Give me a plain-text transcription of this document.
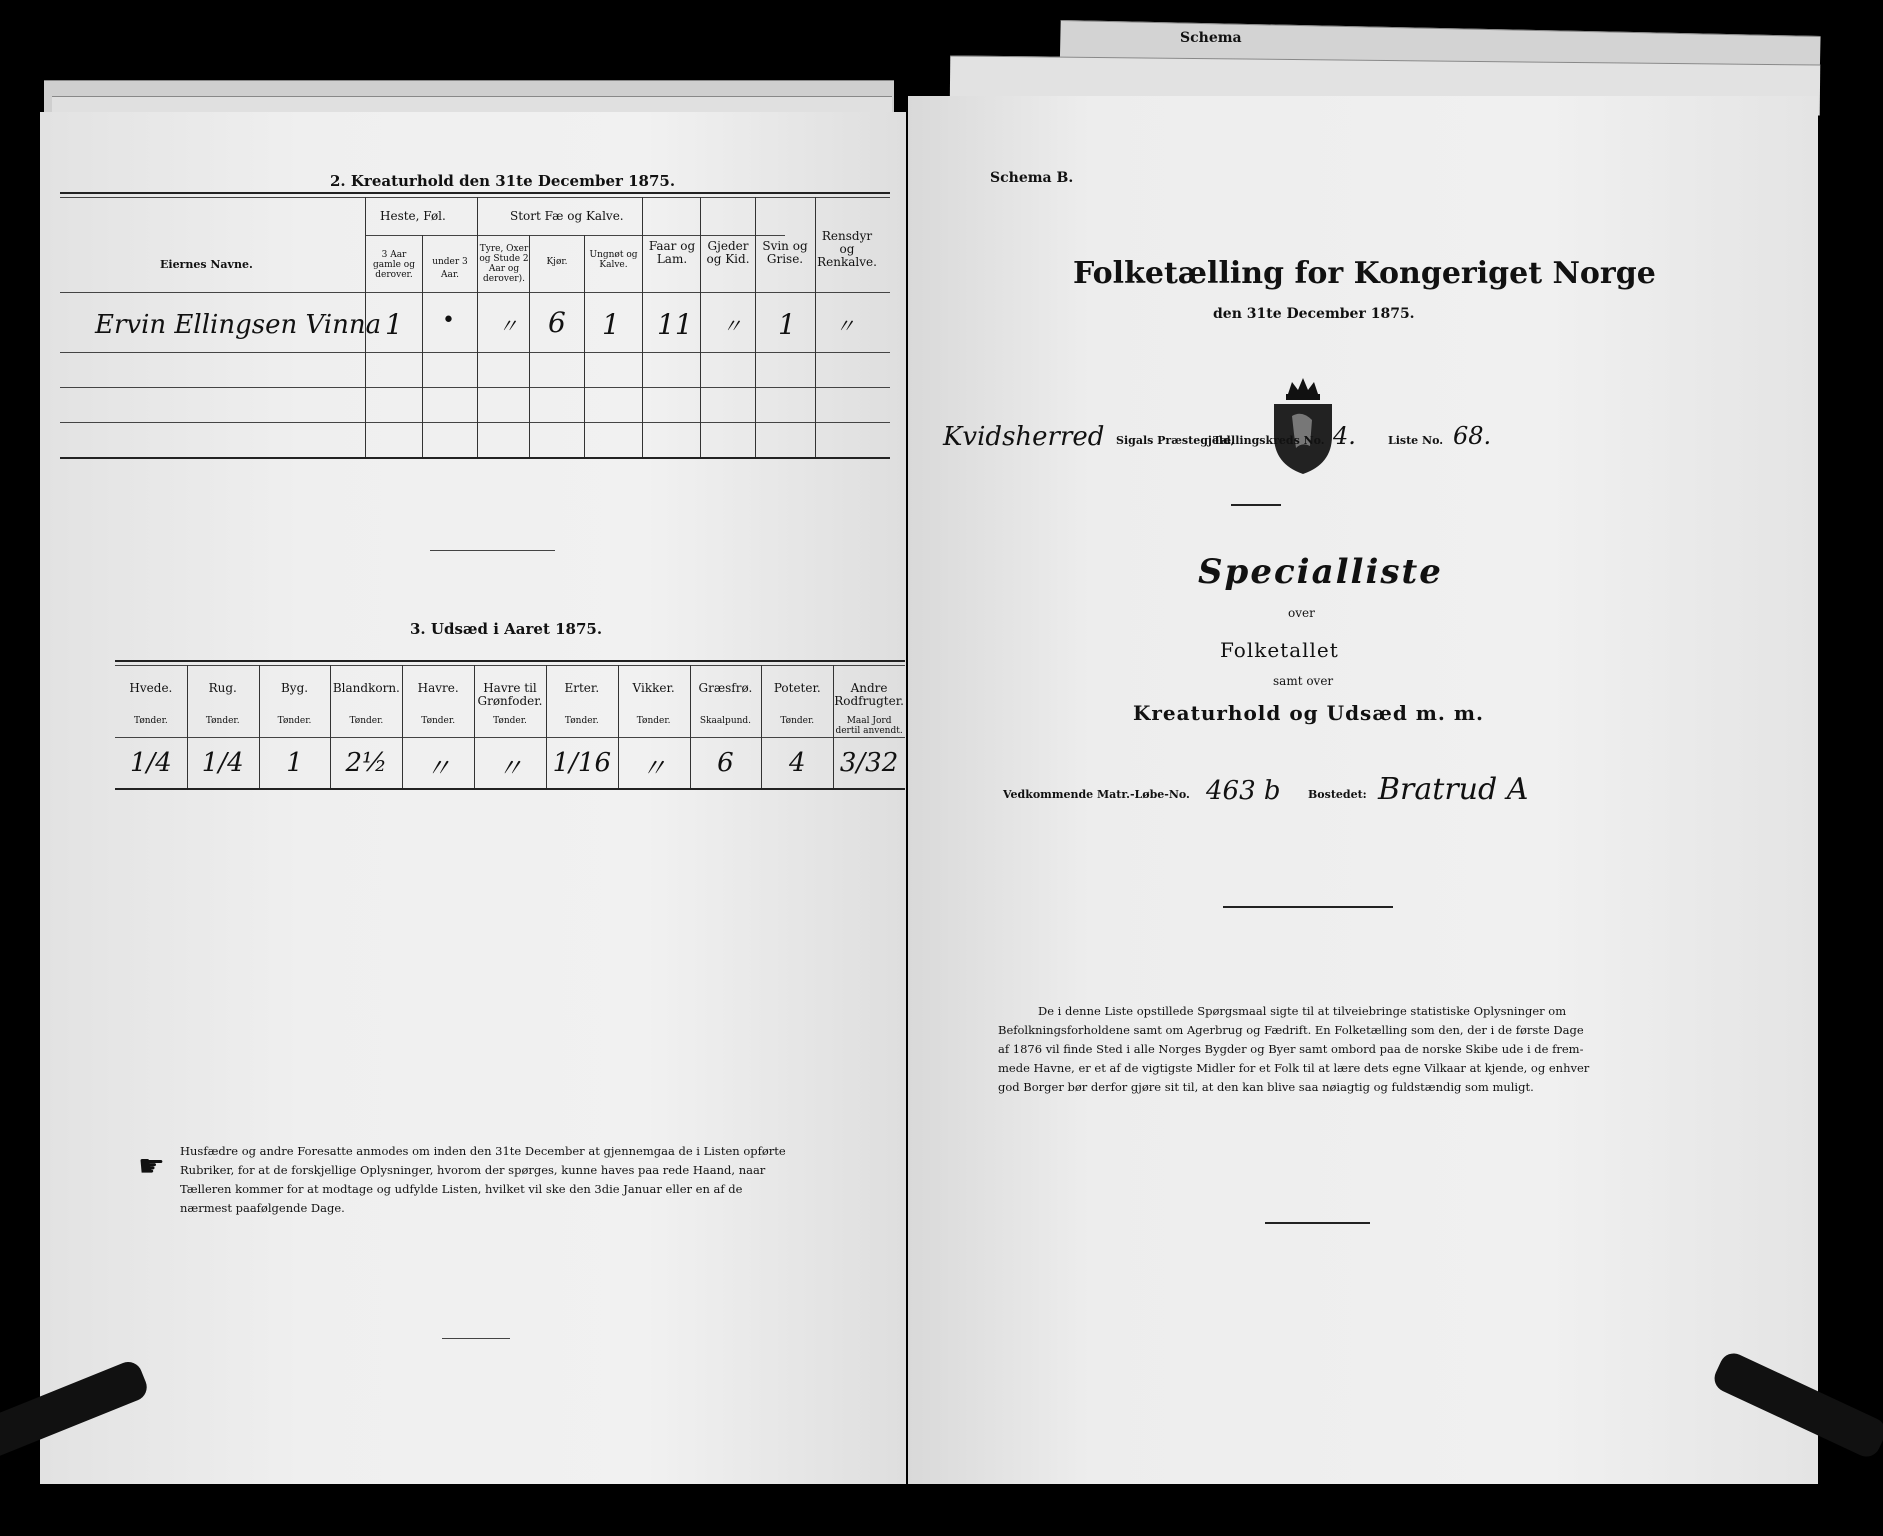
Schema
2. Kreaturhold den 31te December 1875.
Eiernes Navne.
Heste, Føl.	Stort Fæ og Kalve.
3 Aar gamle og derover.
under 3 Aar.
Tyre, Oxer og Stude 2 Aar og derover).
Kjør.
Ungnøt og Kalve.
Faar og Lam.
Gjeder og Kid.
Svin og Grise.
Rensdyr og Renkalve.
Ervin Ellingsen Vinna 1 • 〃 6 1 11 〃 1 〃
3. Udsæd i Aaret 1875.
Hvede.
Tønder.
1/4
Rug.
Tønder.
1/4
Byg.
Tønder.
1
Blandkorn.
Tønder.
2½
Havre.
Tønder.
〃
Havre til Grønfoder.
Tønder.
〃
Erter.
Tønder.
1/16
Vikker.
Tønder.
〃
Græsfrø.
Skaalpund.
6
Poteter.
Tønder.
4
Andre Rodfrugter.
Maal Jord dertil anvendt.
3/32
☛ Husfædre og andre Foresatte anmodes om inden den 31te December at gjennemgaa de i Listen opførte
Rubriker, for at de forskjellige Oplysninger, hvorom der spørges, kunne haves paa rede Haand, naar
Tælleren kommer for at modtage og udfylde Listen, hvilket vil ske den 3die Januar eller en af de
nærmest paafølgende Dage.
Schema B.
Folketælling for Kongeriget Norge
den 31te December 1875.
Kvidsherred Sigals Præstegjeld,
Tællingskreds No. 4.	Liste No. 68.
Specialliste
over
Folketallet
samt over
Kreaturhold og Udsæd m. m.
Vedkommende Matr.-Løbe-No. 463 b Bostedet: Bratrud A
De i denne Liste opstillede Spørgsmaal sigte til at tilveiebringe statistiske Oplysninger om
Befolkningsforholdene samt om Agerbrug og Fædrift. En Folketælling som den, der i de første Dage
af 1876 vil finde Sted i alle Norges Bygder og Byer samt ombord paa de norske Skibe ude i de frem-
mede Havne, er et af de vigtigste Midler for et Folk til at lære dets egne Vilkaar at kjende, og enhver
god Borger bør derfor gjøre sit til, at den kan blive saa nøiagtig og fuldstændig som muligt.
